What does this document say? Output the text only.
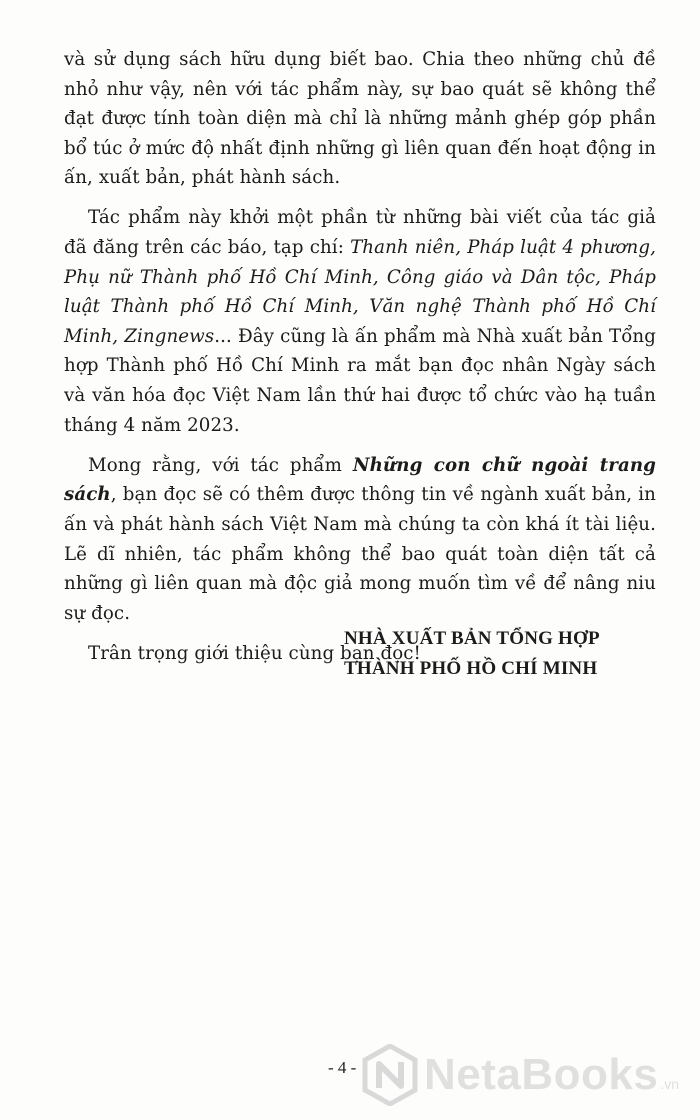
và sử dụng sách hữu dụng biết bao. Chia theo những chủ đề nhỏ như vậy, nên với tác phẩm này, sự bao quát sẽ không thể đạt được tính toàn diện mà chỉ là những mảnh ghép góp phần bổ túc ở mức độ nhất định những gì liên quan đến hoạt động in ấn, xuất bản, phát hành sách.

Tác phẩm này khởi một phần từ những bài viết của tác giả đã đăng trên các báo, tạp chí: Thanh niên, Pháp luật 4 phương, Phụ nữ Thành phố Hồ Chí Minh, Công giáo và Dân tộc, Pháp luật Thành phố Hồ Chí Minh, Văn nghệ Thành phố Hồ Chí Minh, Zingnews... Đây cũng là ấn phẩm mà Nhà xuất bản Tổng hợp Thành phố Hồ Chí Minh ra mắt bạn đọc nhân Ngày sách và văn hóa đọc Việt Nam lần thứ hai được tổ chức vào hạ tuần tháng 4 năm 2023.

Mong rằng, với tác phẩm Những con chữ ngoài trang sách, bạn đọc sẽ có thêm được thông tin về ngành xuất bản, in ấn và phát hành sách Việt Nam mà chúng ta còn khá ít tài liệu. Lẽ dĩ nhiên, tác phẩm không thể bao quát toàn diện tất cả những gì liên quan mà độc giả mong muốn tìm về để nâng niu sự đọc.

Trân trọng giới thiệu cùng bạn đọc!

NHÀ XUẤT BẢN TỔNG HỢP
THÀNH PHỐ HỒ CHÍ MINH
- 4 - NetaBooks .vn
